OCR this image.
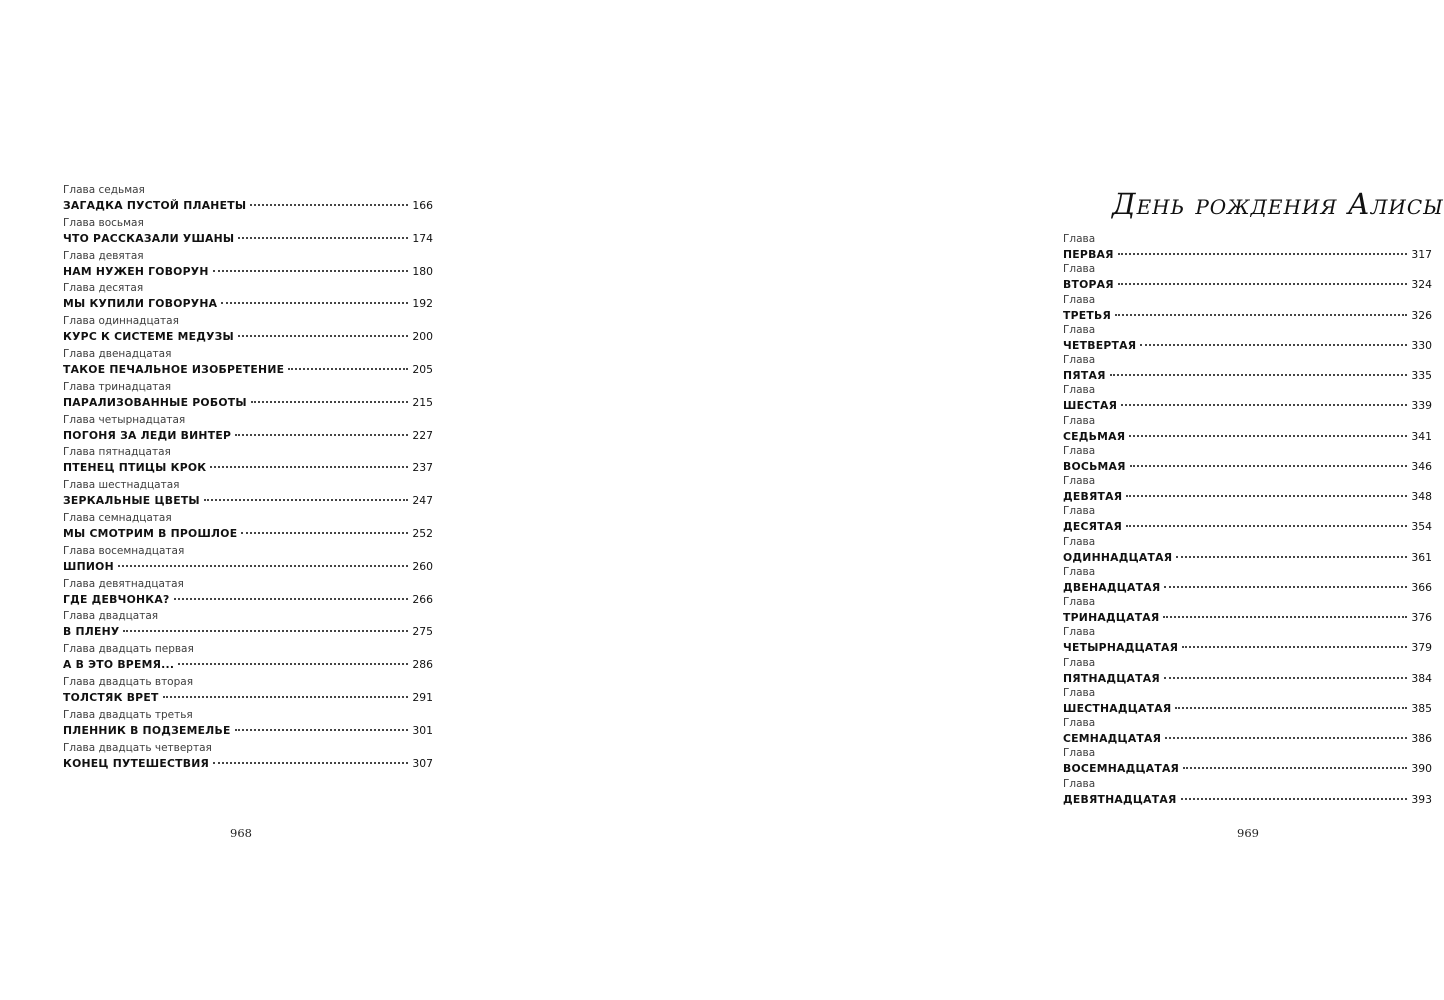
Глава седьмая
ЗАГАДКА ПУСТОЙ ПЛАНЕТЫ	166
Глава восьмая
ЧТО РАССКАЗАЛИ УШАНЫ	174
Глава девятая
НАМ НУЖЕН ГОВОРУН	180
Глава десятая
МЫ КУПИЛИ ГОВОРУНА	192
Глава одиннадцатая
КУРС К СИСТЕМЕ МЕДУЗЫ	200
Глава двенадцатая
ТАКОЕ ПЕЧАЛЬНОЕ ИЗОБРЕТЕНИЕ	205
Глава тринадцатая
ПАРАЛИЗОВАННЫЕ РОБОТЫ	215
Глава четырнадцатая
ПОГОНЯ ЗА ЛЕДИ ВИНТЕР	227
Глава пятнадцатая
ПТЕНЕЦ ПТИЦЫ КРОК	237
Глава шестнадцатая
ЗЕРКАЛЬНЫЕ ЦВЕТЫ	247
Глава семнадцатая
МЫ СМОТРИМ В ПРОШЛОЕ	252
Глава восемнадцатая
ШПИОН	260
Глава девятнадцатая
ГДЕ ДЕВЧОНКА?	266
Глава двадцатая
В ПЛЕНУ	275
Глава двадцать первая
А В ЭТО ВРЕМЯ...	286
Глава двадцать вторая
ТОЛСТЯК ВРЕТ	291
Глава двадцать третья
ПЛЕННИК В ПОДЗЕМЕЛЬЕ	301
Глава двадцать четвертая
КОНЕЦ ПУТЕШЕСТВИЯ	307
968
День рождения Алисы
Глава
ПЕРВАЯ	317
Глава
ВТОРАЯ	324
Глава
ТРЕТЬЯ	326
Глава
ЧЕТВЕРТАЯ	330
Глава
ПЯТАЯ	335
Глава
ШЕСТАЯ	339
Глава
СЕДЬМАЯ	341
Глава
ВОСЬМАЯ	346
Глава
ДЕВЯТАЯ	348
Глава
ДЕСЯТАЯ	354
Глава
ОДИННАДЦАТАЯ	361
Глава
ДВЕНАДЦАТАЯ	366
Глава
ТРИНАДЦАТАЯ	376
Глава
ЧЕТЫРНАДЦАТАЯ	379
Глава
ПЯТНАДЦАТАЯ	384
Глава
ШЕСТНАДЦАТАЯ	385
Глава
СЕМНАДЦАТАЯ	386
Глава
ВОСЕМНАДЦАТАЯ	390
Глава
ДЕВЯТНАДЦАТАЯ	393
969
